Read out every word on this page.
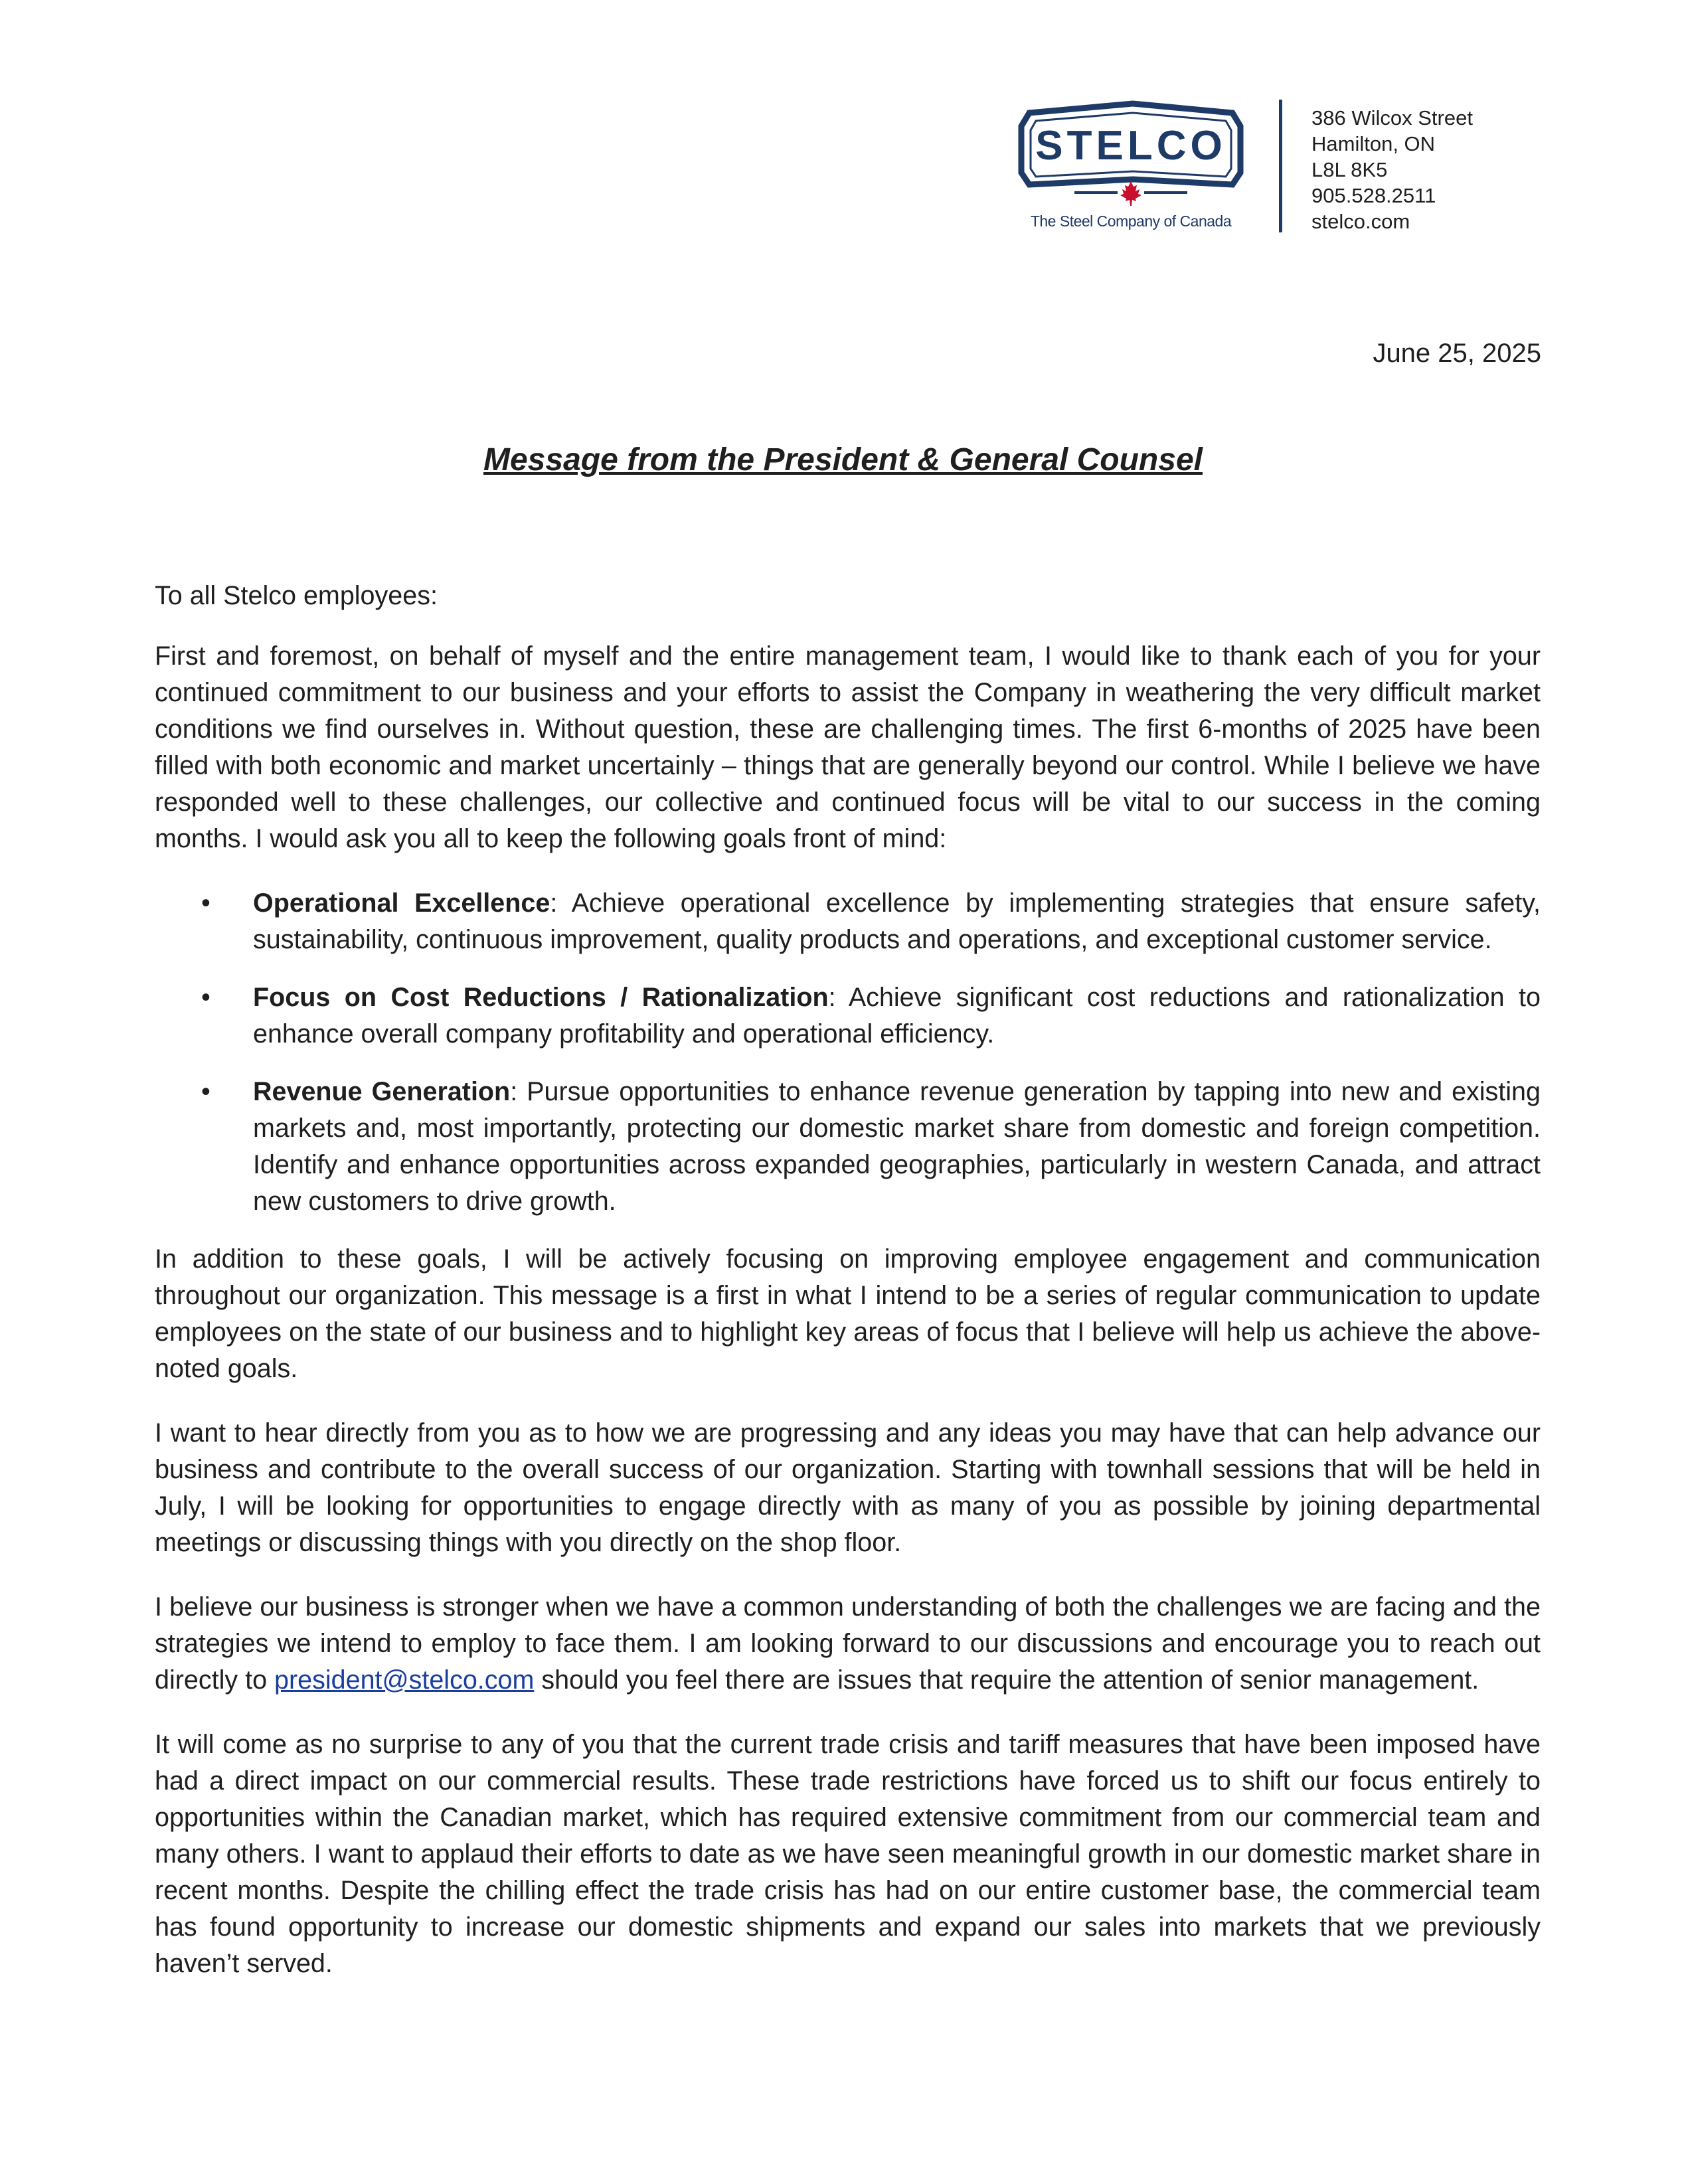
STELCO
The Steel Company of Canada
386 Wilcox Street
Hamilton, ON
L8L 8K5
905.528.2511
stelco.com
June 25, 2025
Message from the President & General Counsel

To all Stelco employees:

First and foremost, on behalf of myself and the entire management team, I would like to thank each of you for your continued commitment to our business and your efforts to assist the Company in weathering the very difficult market conditions we find ourselves in. Without question, these are challenging times. The first 6-months of 2025 have been filled with both economic and market uncertainly – things that are generally beyond our control. While I believe we have responded well to these challenges, our collective and continued focus will be vital to our success in the coming months. I would ask you all to keep the following goals front of mind:

• Operational Excellence: Achieve operational excellence by implementing strategies that ensure safety, sustainability, continuous improvement, quality products and operations, and exceptional customer service.
• Focus on Cost Reductions / Rationalization: Achieve significant cost reductions and rationalization to enhance overall company profitability and operational efficiency.
• Revenue Generation: Pursue opportunities to enhance revenue generation by tapping into new and existing markets and, most importantly, protecting our domestic market share from domestic and foreign competition. Identify and enhance opportunities across expanded geographies, particularly in western Canada, and attract new customers to drive growth.

In addition to these goals, I will be actively focusing on improving employee engagement and communication throughout our organization. This message is a first in what I intend to be a series of regular communication to update employees on the state of our business and to highlight key areas of focus that I believe will help us achieve the above-noted goals.

I want to hear directly from you as to how we are progressing and any ideas you may have that can help advance our business and contribute to the overall success of our organization. Starting with townhall sessions that will be held in July, I will be looking for opportunities to engage directly with as many of you as possible by joining departmental meetings or discussing things with you directly on the shop floor.

I believe our business is stronger when we have a common understanding of both the challenges we are facing and the strategies we intend to employ to face them. I am looking forward to our discussions and encourage you to reach out directly to president@stelco.com should you feel there are issues that require the attention of senior management.

It will come as no surprise to any of you that the current trade crisis and tariff measures that have been imposed have had a direct impact on our commercial results. These trade restrictions have forced us to shift our focus entirely to opportunities within the Canadian market, which has required extensive commitment from our commercial team and many others. I want to applaud their efforts to date as we have seen meaningful growth in our domestic market share in recent months. Despite the chilling effect the trade crisis has had on our entire customer base, the commercial team has found opportunity to increase our domestic shipments and expand our sales into markets that we previously haven’t served.
